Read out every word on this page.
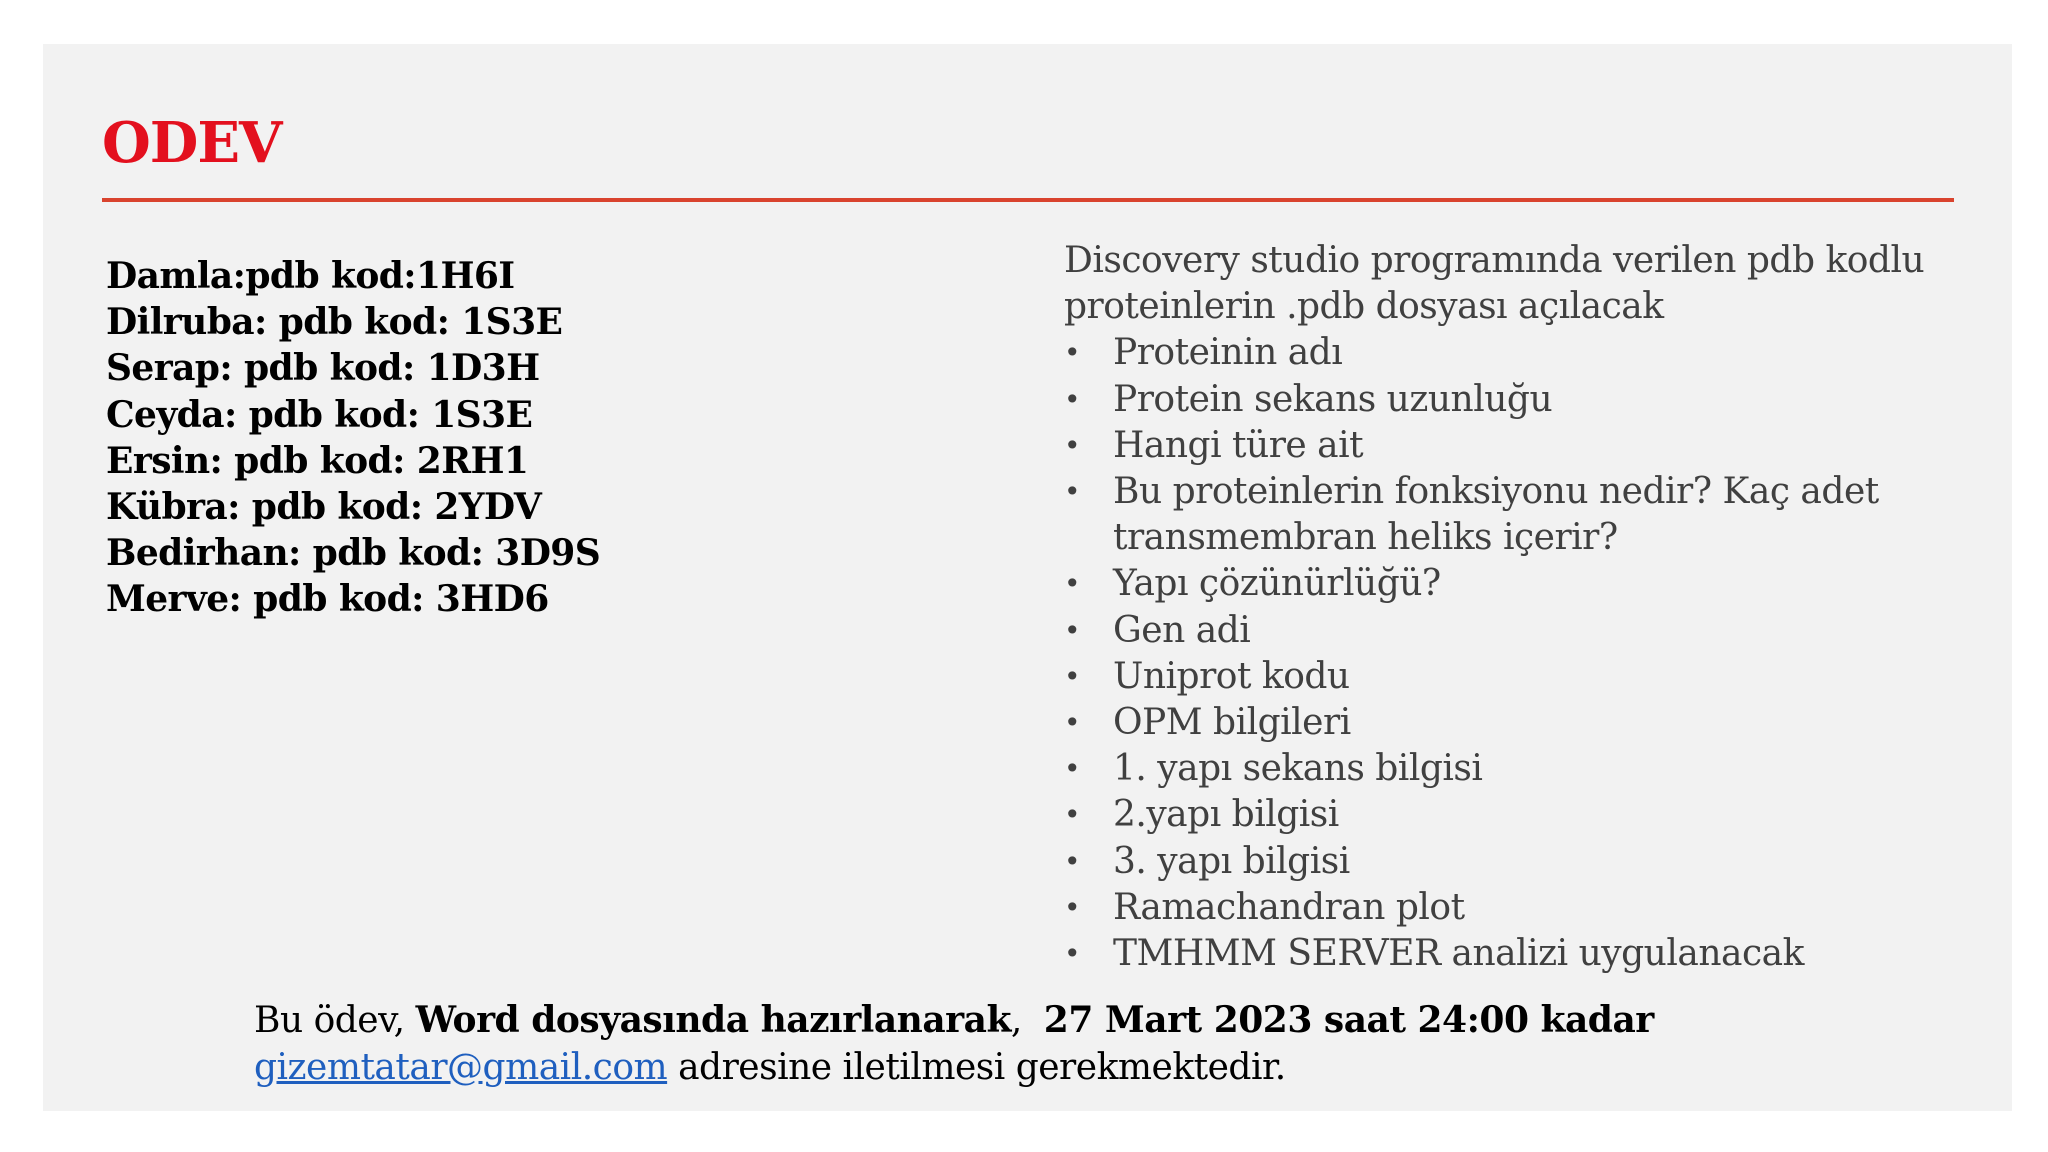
ODEV
Damla:pdb kod:1H6I
Dilruba: pdb kod: 1S3E
Serap: pdb kod: 1D3H
Ceyda: pdb kod: 1S3E
Ersin: pdb kod: 2RH1
Kübra: pdb kod: 2YDV
Bedirhan: pdb kod: 3D9S
Merve: pdb kod: 3HD6

Discovery studio programında verilen pdb kodlu proteinlerin .pdb dosyası açılacak

• Proteinin adı
• Protein sekans uzunluğu
• Hangi türe ait
• Bu proteinlerin fonksiyonu nedir? Kaç adet transmembran heliks içerir?
• Yapı çözünürlüğü?
• Gen adi
• Uniprot kodu
• OPM bilgileri
• 1. yapı sekans bilgisi
• 2.yapı bilgisi
• 3. yapı bilgisi
• Ramachandran plot
• TMHMM SERVER analizi uygulanacak
Bu ödev, Word dosyasında hazırlanarak,  27 Mart 2023 saat 24:00 kadar
gizemtatar@gmail.com adresine iletilmesi gerekmektedir.
